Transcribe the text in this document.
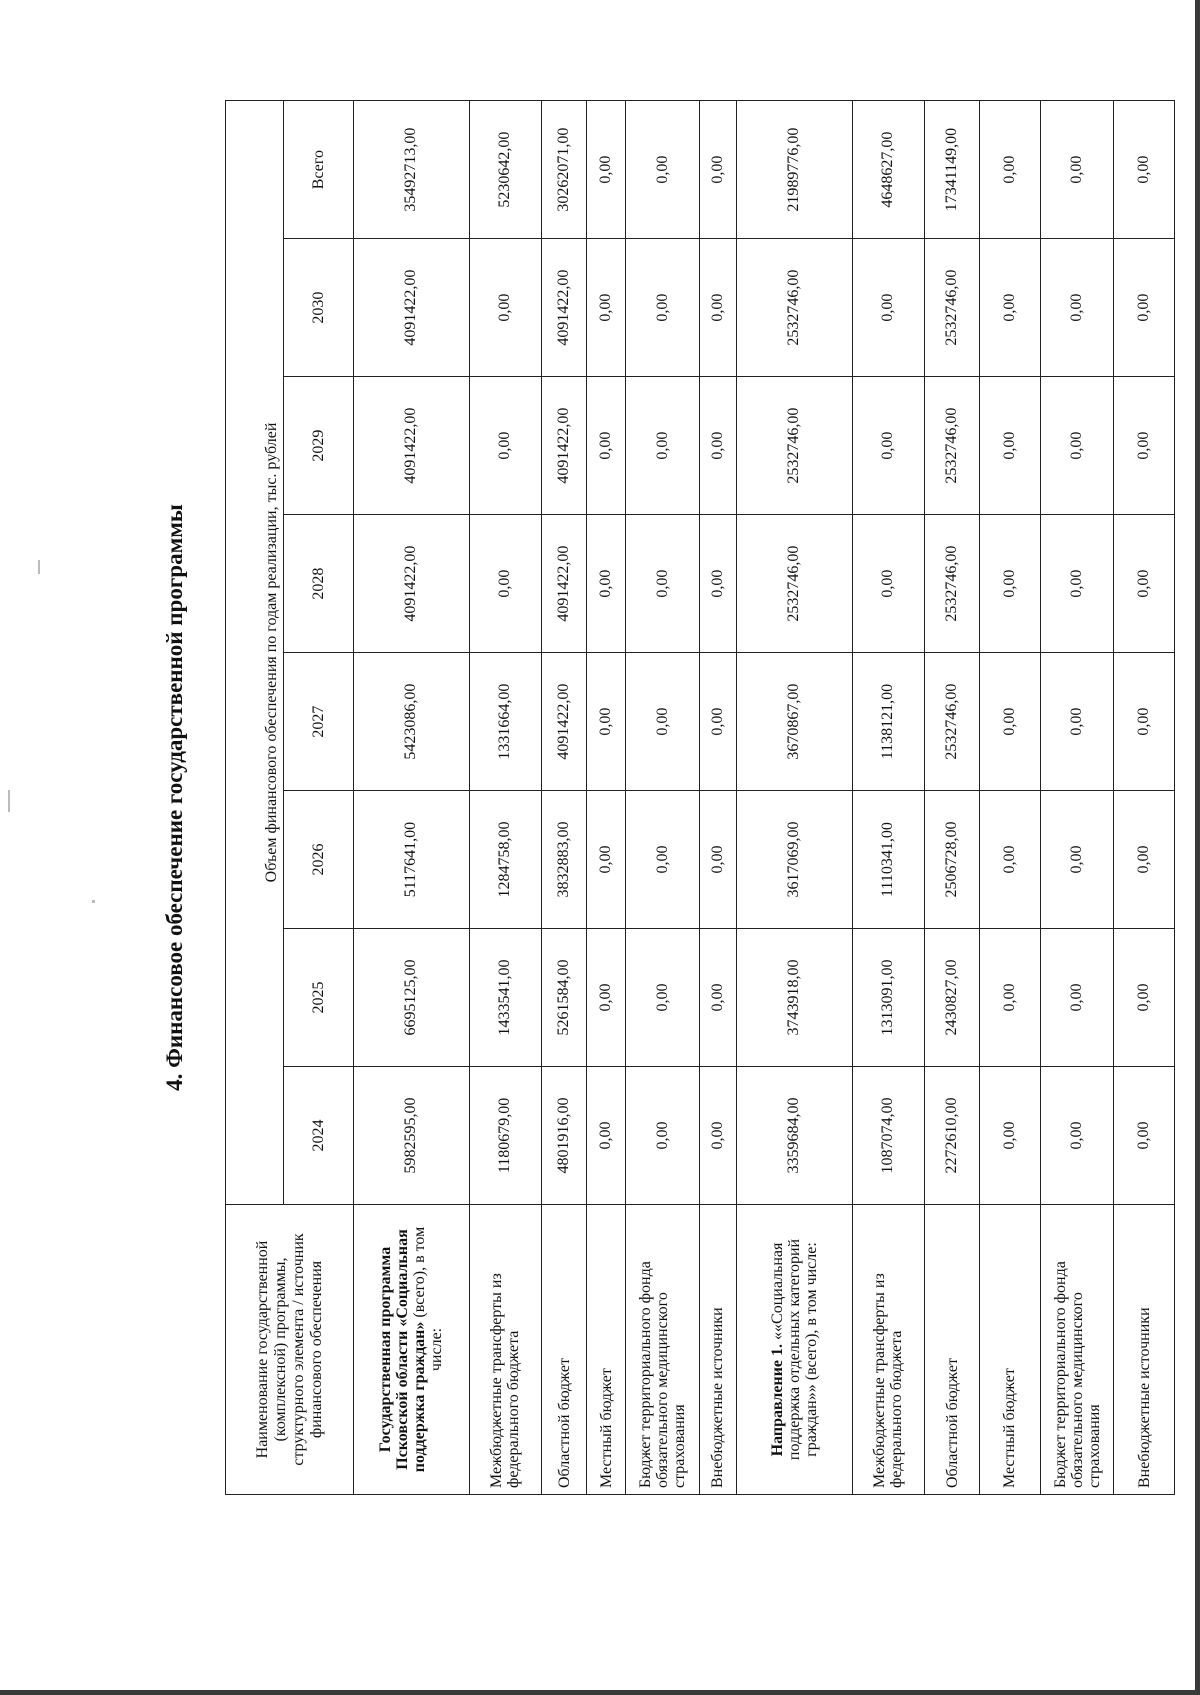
4. Финансовое обеспечение государственной программы
Наименование государственной (комплексной) программы, структурного элемента / источник финансового обеспечения	Объем финансового обеспечения по годам реализации, тыс. рублей							
	2024	2025	2026	2027	2028	2029	2030	Всего
Государственная программа Псковской области «Социальная поддержка граждан» (всего), в том числе:	5982595,00	6695125,00	5117641,00	5423086,00	4091422,00	4091422,00	4091422,00	35492713,00
Межбюджетные трансферты из федерального бюджета	1180679,00	1433541,00	1284758,00	1331664,00	0,00	0,00	0,00	5230642,00
Областной бюджет	4801916,00	5261584,00	3832883,00	4091422,00	4091422,00	4091422,00	4091422,00	30262071,00
Местный бюджет	0,00	0,00	0,00	0,00	0,00	0,00	0,00	0,00
Бюджет территориального фонда обязательного медицинского страхования	0,00	0,00	0,00	0,00	0,00	0,00	0,00	0,00
Внебюджетные источники	0,00	0,00	0,00	0,00	0,00	0,00	0,00	0,00
Направление 1. ««Социальная поддержка отдельных категорий граждан»» (всего), в том числе:	3359684,00	3743918,00	3617069,00	3670867,00	2532746,00	2532746,00	2532746,00	21989776,00
Межбюджетные трансферты из федерального бюджета	1087074,00	1313091,00	1110341,00	1138121,00	0,00	0,00	0,00	4648627,00
Областной бюджет	2272610,00	2430827,00	2506728,00	2532746,00	2532746,00	2532746,00	2532746,00	17341149,00
Местный бюджет	0,00	0,00	0,00	0,00	0,00	0,00	0,00	0,00
Бюджет территориального фонда обязательного медицинского страхования	0,00	0,00	0,00	0,00	0,00	0,00	0,00	0,00
Внебюджетные источники	0,00	0,00	0,00	0,00	0,00	0,00	0,00	0,00
